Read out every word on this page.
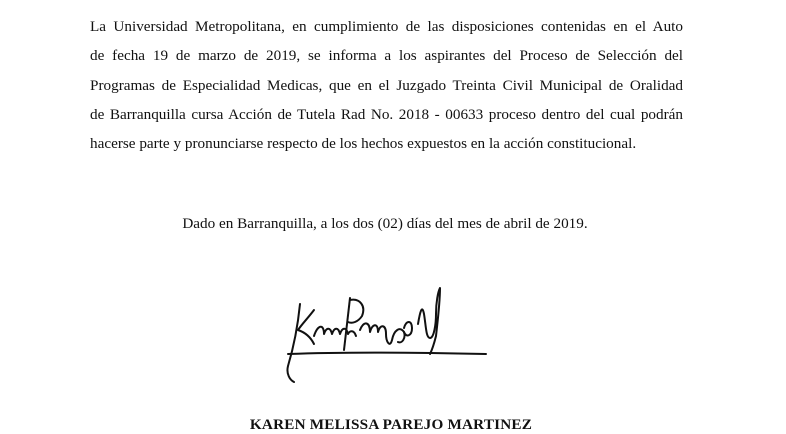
La Universidad Metropolitana, en cumplimiento de las disposiciones contenidas en el Auto
de fecha 19 de marzo de 2019, se informa a los aspirantes del Proceso de Selección del
Programas de Especialidad Medicas, que en el Juzgado Treinta Civil Municipal de Oralidad
de Barranquilla cursa Acción de Tutela Rad No. 2018 - 00633 proceso dentro del cual podrán
hacerse parte y pronunciarse respecto de los hechos expuestos en la acción constitucional.
Dado en Barranquilla, a los dos (02) días del mes de abril de 2019.
KAREN MELISSA PAREJO MARTINEZ
